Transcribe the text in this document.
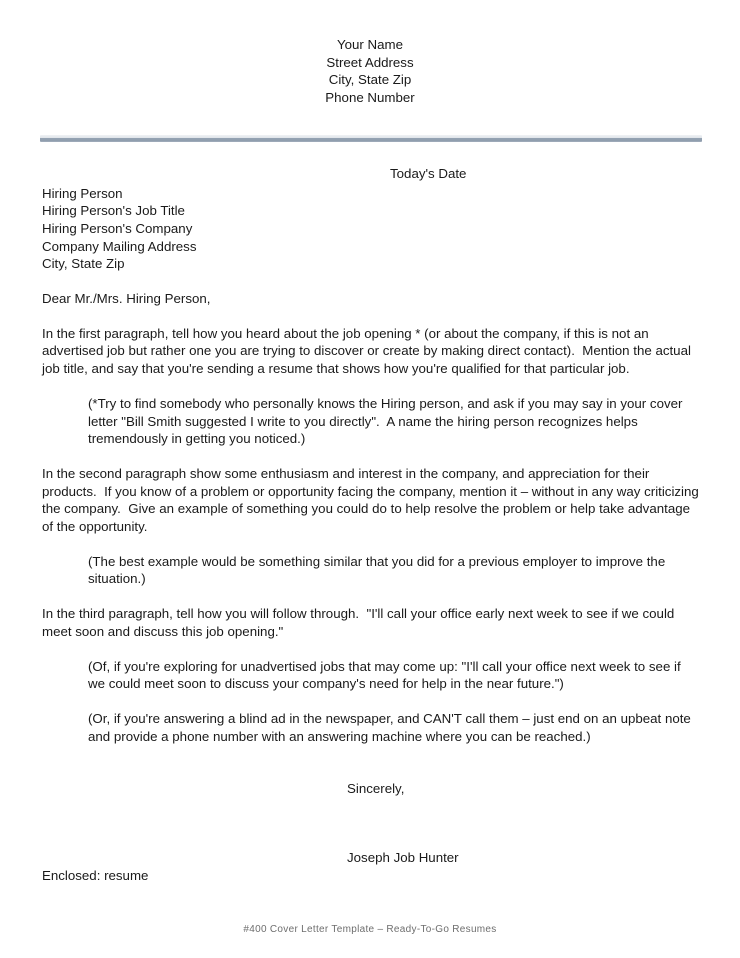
Your Name
Street Address
City, State Zip
Phone Number
Today's Date
Hiring Person
Hiring Person's Job Title
Hiring Person's Company
Company Mailing Address
City, State Zip

Dear Mr./Mrs. Hiring Person,

In the first paragraph, tell how you heard about the job opening * (or about the company, if this is not an advertised job but rather one you are trying to discover or create by making direct contact).  Mention the actual job title, and say that you're sending a resume that shows how you're qualified for that particular job.

(*Try to find somebody who personally knows the Hiring person, and ask if you may say in your cover letter "Bill Smith suggested I write to you directly".  A name the hiring person recognizes helps tremendously in getting you noticed.)

In the second paragraph show some enthusiasm and interest in the company, and appreciation for their products.  If you know of a problem or opportunity facing the company, mention it – without in any way criticizing the company.  Give an example of something you could do to help resolve the problem or help take advantage of the opportunity.

(The best example would be something similar that you did for a previous employer to improve the situation.)

In the third paragraph, tell how you will follow through.  "I'll call your office early next week to see if we could meet soon and discuss this job opening."

(Of, if you're exploring for unadvertised jobs that may come up: "I'll call your office next week to see if we could meet soon to discuss your company's need for help in the near future.")

(Or, if you're answering a blind ad in the newspaper, and CAN'T call them – just end on an upbeat note and provide a phone number with an answering machine where you can be reached.)

Sincerely,

Joseph Job Hunter

Enclosed: resume

#400 Cover Letter Template – Ready-To-Go Resumes
